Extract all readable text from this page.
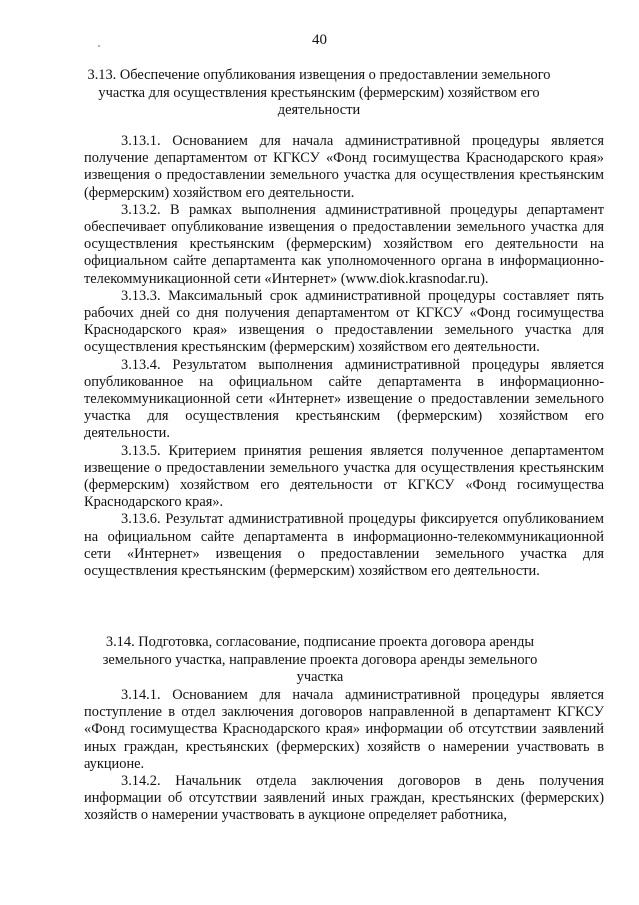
40
3.13. Обеспечение опубликования извещения о предоставлении земельного участка для осуществления крестьянским (фермерским) хозяйством его деятельности

3.13.1. Основанием для начала административной процедуры является получение департаментом от КГКСУ «Фонд госимущества Краснодарского края» извещения о предоставлении земельного участка для осуществления крестьянским (фермерским) хозяйством его деятельности.

3.13.2. В рамках выполнения административной процедуры департамент обеспечивает опубликование извещения о предоставлении земельного участка для осуществления крестьянским (фермерским) хозяйством его деятельности на официальном сайте департамента как уполномоченного органа в информационно-телекоммуникационной сети «Интернет» (www.diok.krasnodar.ru).

3.13.3. Максимальный срок административной процедуры составляет пять рабочих дней со дня получения департаментом от КГКСУ «Фонд госимущества Краснодарского края» извещения о предоставлении земельного участка для осуществления крестьянским (фермерским) хозяйством его деятельности.

3.13.4. Результатом выполнения административной процедуры является опубликованное на официальном сайте департамента в информационно-телекоммуникационной сети «Интернет» извещение о предоставлении земельного участка для осуществления крестьянским (фермерским) хозяйством его деятельности.

3.13.5. Критерием принятия решения является полученное департаментом извещение о предоставлении земельного участка для осуществления крестьянским (фермерским) хозяйством его деятельности от КГКСУ «Фонд госимущества Краснодарского края».

3.13.6. Результат административной процедуры фиксируется опубликованием на официальном сайте департамента в информационно-телекоммуникационной сети «Интернет» извещения о предоставлении земельного участка для осуществления крестьянским (фермерским) хозяйством его деятельности.

3.14. Подготовка, согласование, подписание проекта договора аренды земельного участка, направление проекта договора аренды земельного участка

3.14.1. Основанием для начала административной процедуры является поступление в отдел заключения договоров направленной в департамент КГКСУ «Фонд госимущества Краснодарского края» информации об отсутствии заявлений иных граждан, крестьянских (фермерских) хозяйств о намерении участвовать в аукционе.

3.14.2. Начальник отдела заключения договоров в день получения информации об отсутствии заявлений иных граждан, крестьянских (фермерских) хозяйств о намерении участвовать в аукционе определяет работника,
